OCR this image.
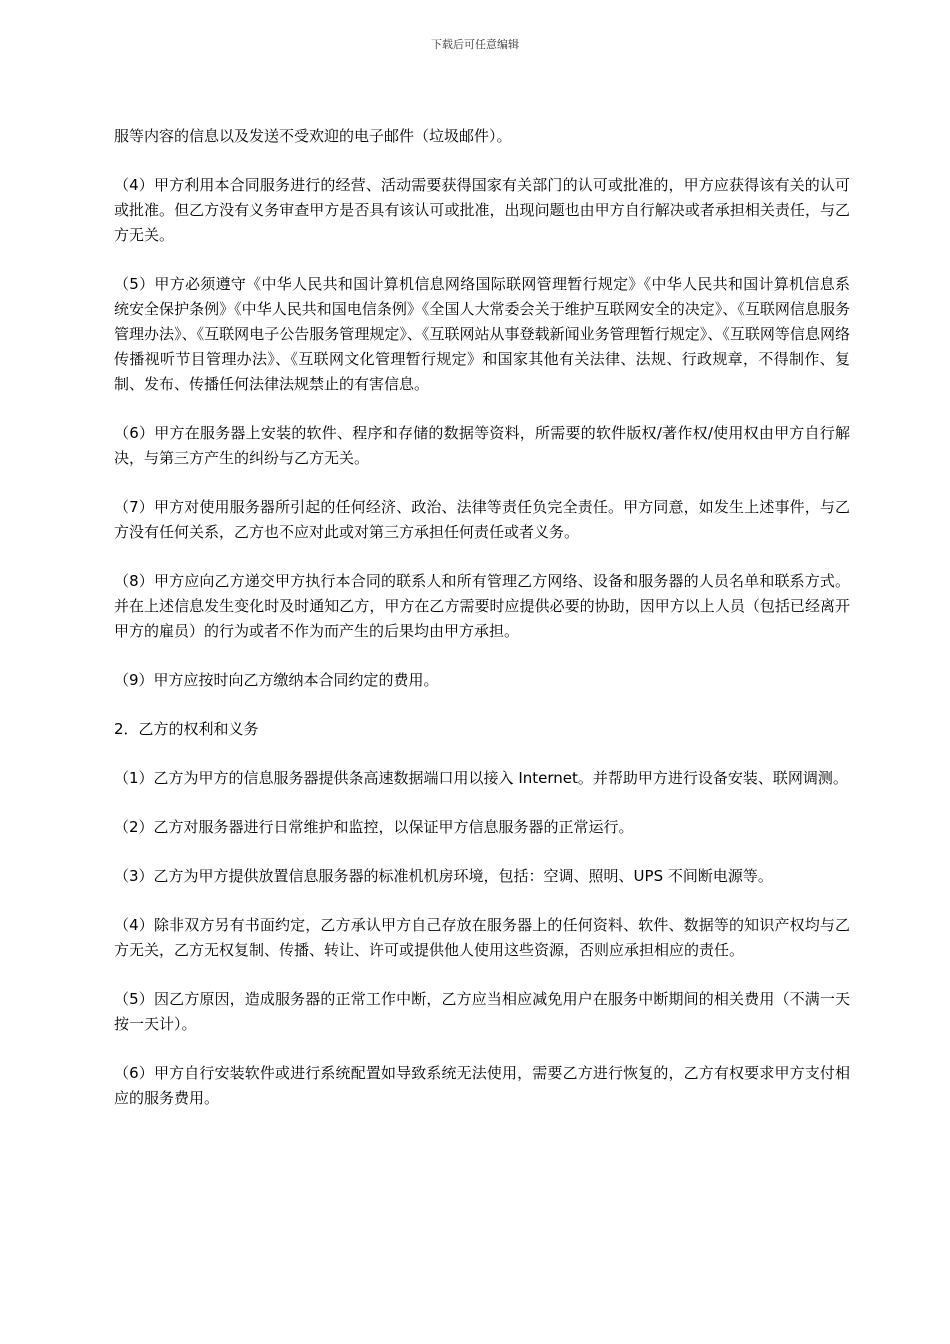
下载后可任意编辑

服等内容的信息以及发送不受欢迎的电子邮件（垃圾邮件）。

（4）甲方利用本合同服务进行的经营、活动需要获得国家有关部门的认可或批准的，甲方应获得该有关的认可或批准。但乙方没有义务审查甲方是否具有该认可或批准，出现问题也由甲方自行解决或者承担相关责任，与乙方无关。

（5）甲方必须遵守《中华人民共和国计算机信息网络国际联网管理暂行规定》《中华人民共和国计算机信息系统安全保护条例》《中华人民共和国电信条例》《全国人大常委会关于维护互联网安全的决定》、《互联网信息服务管理办法》、《互联网电子公告服务管理规定》、《互联网站从事登载新闻业务管理暂行规定》、《互联网等信息网络传播视听节目管理办法》、《互联网文化管理暂行规定》和国家其他有关法律、法规、行政规章，不得制作、复制、发布、传播任何法律法规禁止的有害信息。

（6）甲方在服务器上安装的软件、程序和存储的数据等资料，所需要的软件版权/著作权/使用权由甲方自行解决，与第三方产生的纠纷与乙方无关。

（7）甲方对使用服务器所引起的任何经济、政治、法律等责任负完全责任。甲方同意，如发生上述事件，与乙方没有任何关系，乙方也不应对此或对第三方承担任何责任或者义务。

（8）甲方应向乙方递交甲方执行本合同的联系人和所有管理乙方网络、设备和服务器的人员名单和联系方式。并在上述信息发生变化时及时通知乙方，甲方在乙方需要时应提供必要的协助，因甲方以上人员（包括已经离开甲方的雇员）的行为或者不作为而产生的后果均由甲方承担。

（9）甲方应按时向乙方缴纳本合同约定的费用。

2．乙方的权利和义务

（1）乙方为甲方的信息服务器提供条高速数据端口用以接入 Internet。并帮助甲方进行设备安装、联网调测。

（2）乙方对服务器进行日常维护和监控，以保证甲方信息服务器的正常运行。

（3）乙方为甲方提供放置信息服务器的标准机机房环境，包括：空调、照明、UPS 不间断电源等。

（4）除非双方另有书面约定，乙方承认甲方自己存放在服务器上的任何资料、软件、数据等的知识产权均与乙方无关，乙方无权复制、传播、转让、许可或提供他人使用这些资源，否则应承担相应的责任。

（5）因乙方原因，造成服务器的正常工作中断，乙方应当相应减免用户在服务中断期间的相关费用（不满一天按一天计）。

（6）甲方自行安装软件或进行系统配置如导致系统无法使用，需要乙方进行恢复的，乙方有权要求甲方支付相应的服务费用。
